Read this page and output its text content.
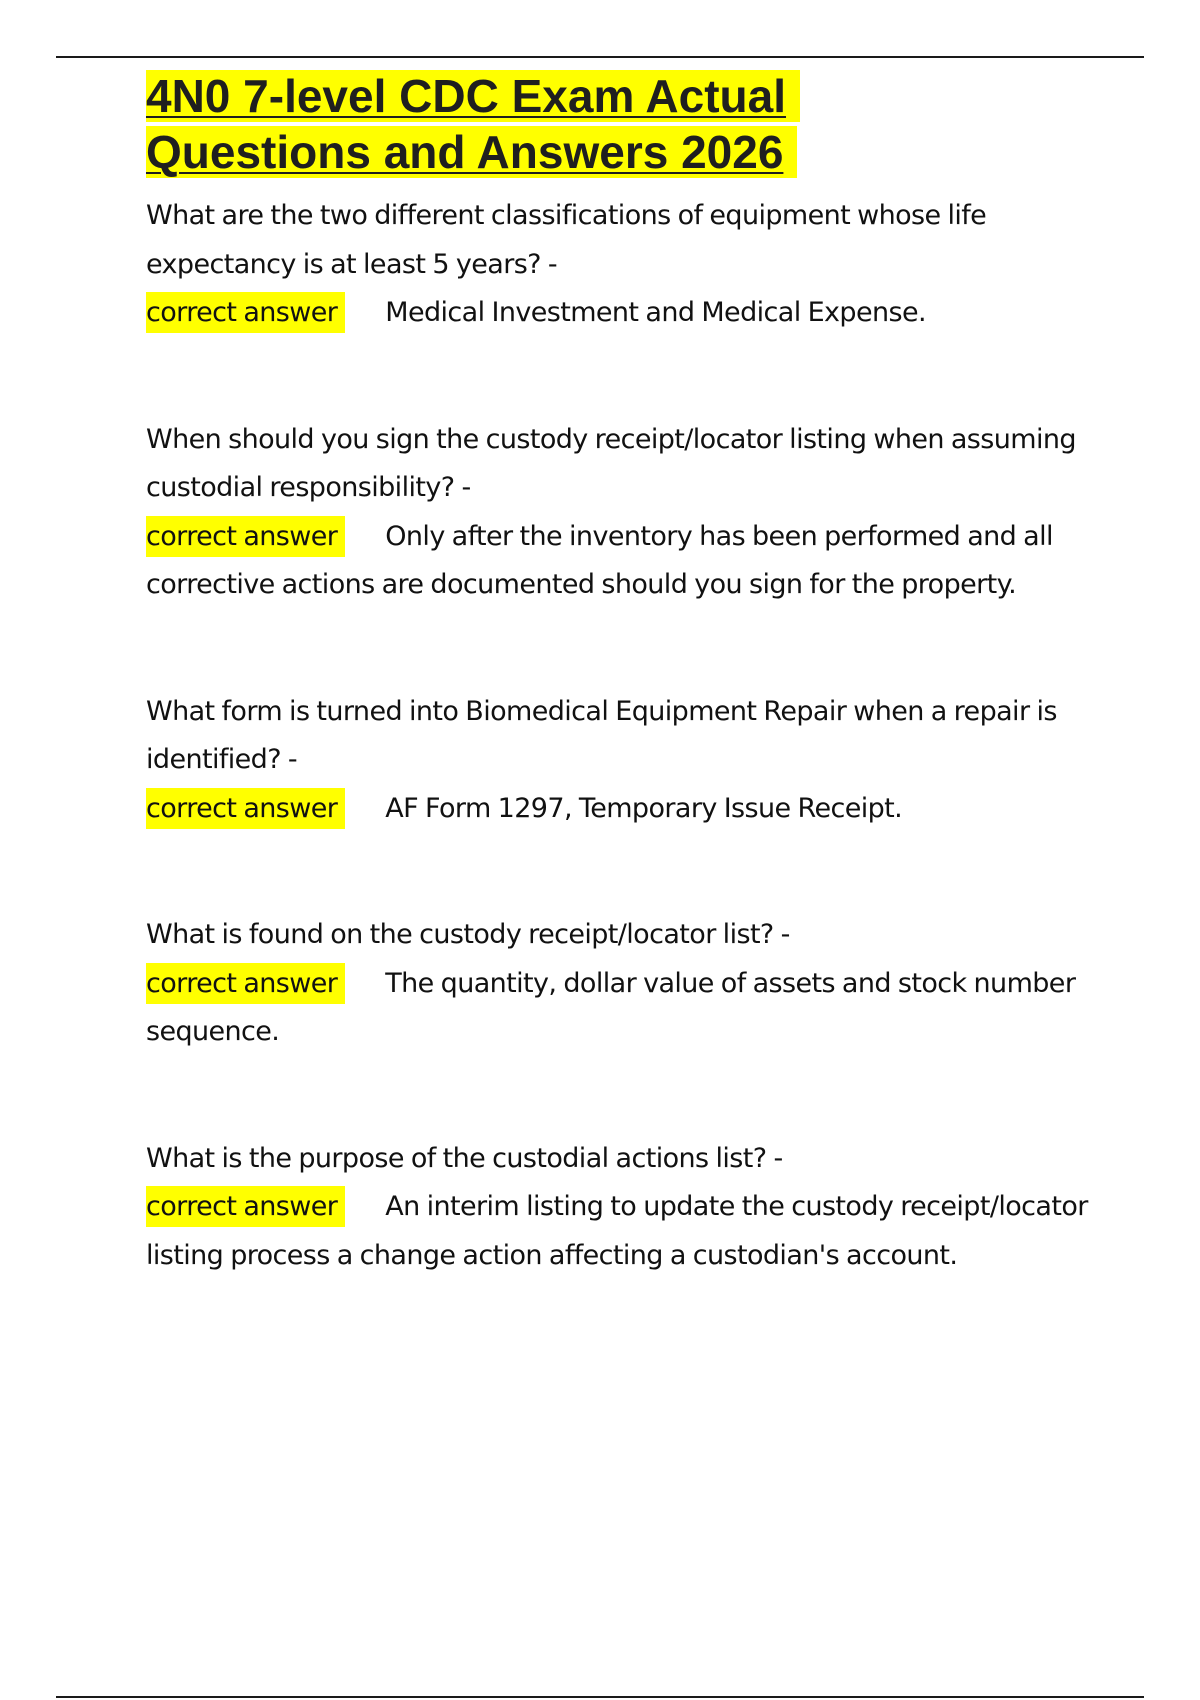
4N0 7-level CDC Exam Actual
Questions and Answers 2026
What are the two different classifications of equipment whose life expectancy is at least 5 years? -
correct answer Medical Investment and Medical Expense.
When should you sign the custody receipt/locator listing when assuming custodial responsibility? -
correct answer Only after the inventory has been performed and all corrective actions are documented should you sign for the property.
What form is turned into Biomedical Equipment Repair when a repair is identified? -
correct answer AF Form 1297, Temporary Issue Receipt.
What is found on the custody receipt/locator list? -
correct answer The quantity, dollar value of assets and stock number sequence.
What is the purpose of the custodial actions list? -
correct answer An interim listing to update the custody receipt/locator listing process a change action affecting a custodian's account.
